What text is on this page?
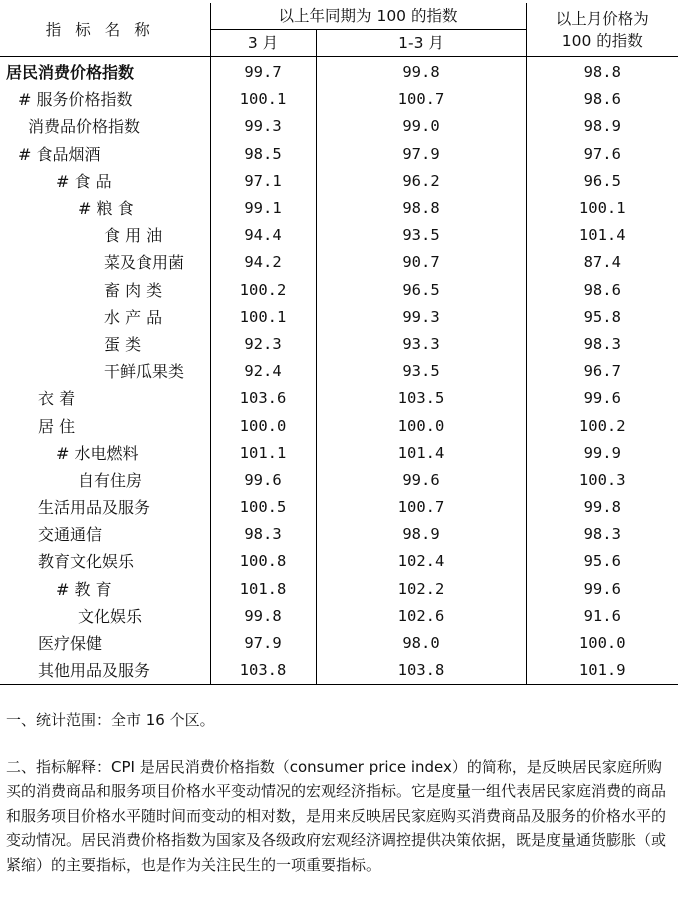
指标名称	以上年同期为 100 的指数		以上月价格为
100 的指数

	3 月	1-3 月	
居民消费价格指数	99.7	99.8	98.8
# 服务价格指数	100.1	100.7	98.6
消费品价格指数	99.3	99.0	98.9
# 食品烟酒	98.5	97.9	97.6
# 食 品	97.1	96.2	96.5
# 粮 食	99.1	98.8	100.1
食 用 油	94.4	93.5	101.4
菜及食用菌	94.2	90.7	87.4
畜 肉 类	100.2	96.5	98.6
水 产 品	100.1	99.3	95.8
蛋 类	92.3	93.3	98.3
干鲜瓜果类	92.4	93.5	96.7
衣 着	103.6	103.5	99.6
居 住	100.0	100.0	100.2
# 水电燃料	101.1	101.4	99.9
自有住房	99.6	99.6	100.3
生活用品及服务	100.5	100.7	99.8
交通通信	98.3	98.9	98.3
教育文化娱乐	100.8	102.4	95.6
# 教 育	101.8	102.2	99.6
文化娱乐	99.8	102.6	91.6
医疗保健	97.9	98.0	100.0
其他用品及服务	103.8	103.8	101.9
一、统计范围：全市 16 个区。
二、指标解释：CPI 是居民消费价格指数（consumer price index）的简称，是反映居民家庭所购买的消费商品和服务项目价格水平变动情况的宏观经济指标。它是度量一组代表居民家庭消费的商品和服务项目价格水平随时间而变动的相对数，是用来反映居民家庭购买消费商品及服务的价格水平的变动情况。居民消费价格指数为国家及各级政府宏观经济调控提供决策依据，既是度量通货膨胀（或紧缩）的主要指标，也是作为关注民生的一项重要指标。
